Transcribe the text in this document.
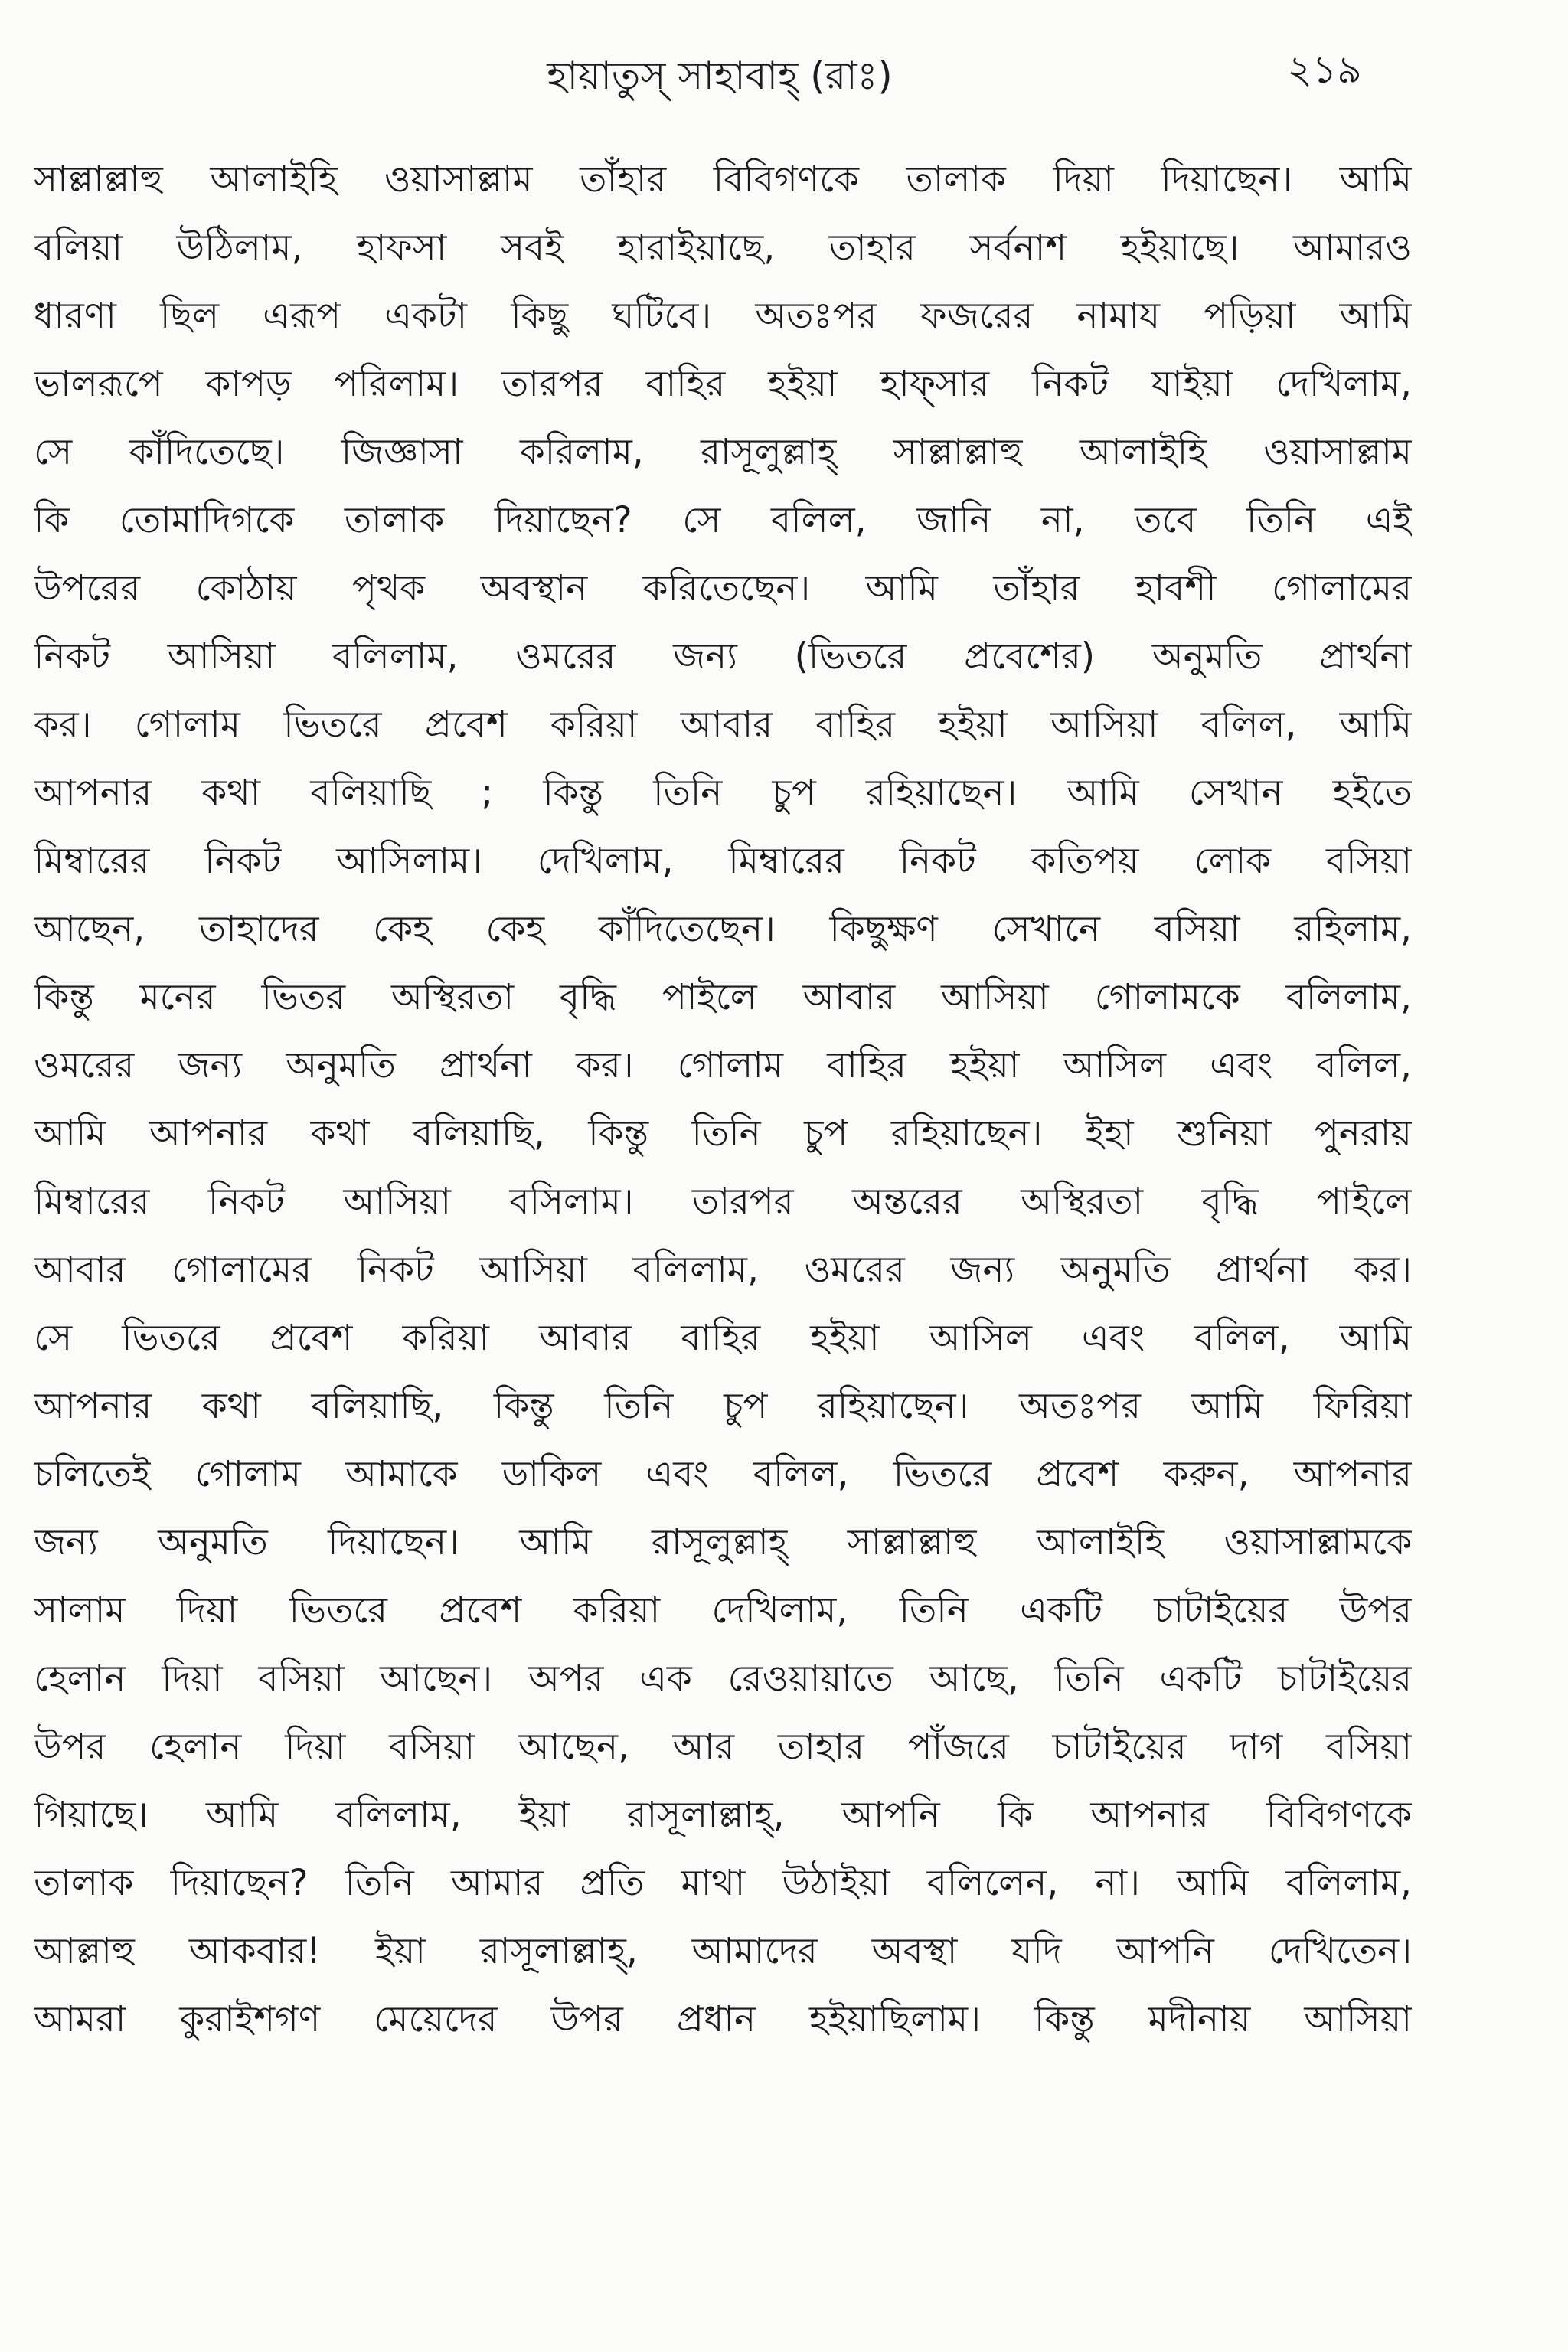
হায়াতুস্ সাহাবাহ্ (রাঃ)	২১৯
সাল্লাল্লাহু আলাইহি ওয়াসাল্লাম তাঁহার বিবিগণকে তালাক দিয়া দিয়াছেন। আমি
বলিয়া উঠিলাম, হাফসা সবই হারাইয়াছে, তাহার সর্বনাশ হইয়াছে। আমারও
ধারণা ছিল এরূপ একটা কিছু ঘটিবে। অতঃপর ফজরের নামায পড়িয়া আমি
ভালরূপে কাপড় পরিলাম। তারপর বাহির হইয়া হাফ্সার নিকট যাইয়া দেখিলাম,
সে কাঁদিতেছে। জিজ্ঞাসা করিলাম, রাসূলুল্লাহ্ সাল্লাল্লাহু আলাইহি ওয়াসাল্লাম
কি তোমাদিগকে তালাক দিয়াছেন? সে বলিল, জানি না, তবে তিনি এই
উপরের কোঠায় পৃথক অবস্থান করিতেছেন। আমি তাঁহার হাবশী গোলামের
নিকট আসিয়া বলিলাম, ওমরের জন্য (ভিতরে প্রবেশের) অনুমতি প্রার্থনা
কর। গোলাম ভিতরে প্রবেশ করিয়া আবার বাহির হইয়া আসিয়া বলিল, আমি
আপনার কথা বলিয়াছি ; কিন্তু তিনি চুপ রহিয়াছেন। আমি সেখান হইতে
মিম্বারের নিকট আসিলাম। দেখিলাম, মিম্বারের নিকট কতিপয় লোক বসিয়া
আছেন, তাহাদের কেহ কেহ কাঁদিতেছেন। কিছুক্ষণ সেখানে বসিয়া রহিলাম,
কিন্তু মনের ভিতর অস্থিরতা বৃদ্ধি পাইলে আবার আসিয়া গোলামকে বলিলাম,
ওমরের জন্য অনুমতি প্রার্থনা কর। গোলাম বাহির হইয়া আসিল এবং বলিল,
আমি আপনার কথা বলিয়াছি, কিন্তু তিনি চুপ রহিয়াছেন। ইহা শুনিয়া পুনরায়
মিম্বারের নিকট আসিয়া বসিলাম। তারপর অন্তরের অস্থিরতা বৃদ্ধি পাইলে
আবার গোলামের নিকট আসিয়া বলিলাম, ওমরের জন্য অনুমতি প্রার্থনা কর।
সে ভিতরে প্রবেশ করিয়া আবার বাহির হইয়া আসিল এবং বলিল, আমি
আপনার কথা বলিয়াছি, কিন্তু তিনি চুপ রহিয়াছেন। অতঃপর আমি ফিরিয়া
চলিতেই গোলাম আমাকে ডাকিল এবং বলিল, ভিতরে প্রবেশ করুন, আপনার
জন্য অনুমতি দিয়াছেন। আমি রাসূলুল্লাহ্ সাল্লাল্লাহু আলাইহি ওয়াসাল্লামকে
সালাম দিয়া ভিতরে প্রবেশ করিয়া দেখিলাম, তিনি একটি চাটাইয়ের উপর
হেলান দিয়া বসিয়া আছেন। অপর এক রেওয়ায়াতে আছে, তিনি একটি চাটাইয়ের
উপর হেলান দিয়া বসিয়া আছেন, আর তাহার পাঁজরে চাটাইয়ের দাগ বসিয়া
গিয়াছে। আমি বলিলাম, ইয়া রাসূলাল্লাহ্, আপনি কি আপনার বিবিগণকে
তালাক দিয়াছেন? তিনি আমার প্রতি মাথা উঠাইয়া বলিলেন, না। আমি বলিলাম,
আল্লাহু আকবার! ইয়া রাসূলাল্লাহ্, আমাদের অবস্থা যদি আপনি দেখিতেন।
আমরা কুরাইশগণ মেয়েদের উপর প্রধান হইয়াছিলাম। কিন্তু মদীনায় আসিয়া
